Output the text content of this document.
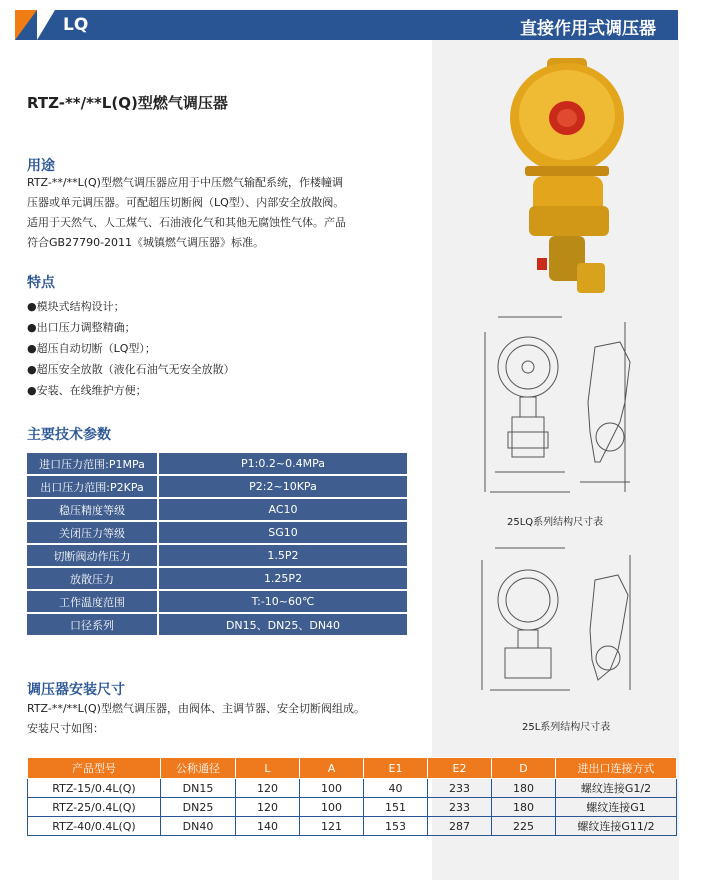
LQ	直接作用式调压器
RTZ-**/**L(Q)型燃气调压器
用途
RTZ-**/**L(Q)型燃气调压器应用于中压燃气输配系统，作楼幢调
压器或单元调压器。可配超压切断阀（LQ型）、内部安全放散阀。
适用于天然气、人工煤气、石油液化气和其他无腐蚀性气体。产品
符合GB27790-2011《城镇燃气调压器》标准。
特点
●模块式结构设计；
●出口压力调整精确；
●超压自动切断（LQ型）；
●超压安全放散（液化石油气无安全放散）
●安装、在线维护方便；
主要技术参数
进口压力范围:P1MPa	P1:0.2~0.4MPa
出口压力范围:P2KPa	P2:2~10KPa
稳压精度等级	AC10
关闭压力等级	SG10
切断阀动作压力	1.5P2
放散压力	1.25P2
工作温度范围	T:-10~60℃
口径系列	DN15、DN25、DN40
调压器安装尺寸
RTZ-**/**L(Q)型燃气调压器，由阀体、主调节器、安全切断阀组成。
安装尺寸如图：
25LQ系列结构尺寸表
25L系列结构尺寸表
产品型号	公称通径	L	A	E1	E2	D	进出口连接方式
RTZ-15/0.4L(Q)	DN15	120	100	40	233	180	螺纹连接G1/2
RTZ-25/0.4L(Q)	DN25	120	100	151	233	180	螺纹连接G1
RTZ-40/0.4L(Q)	DN40	140	121	153	287	225	螺纹连接G11/2
